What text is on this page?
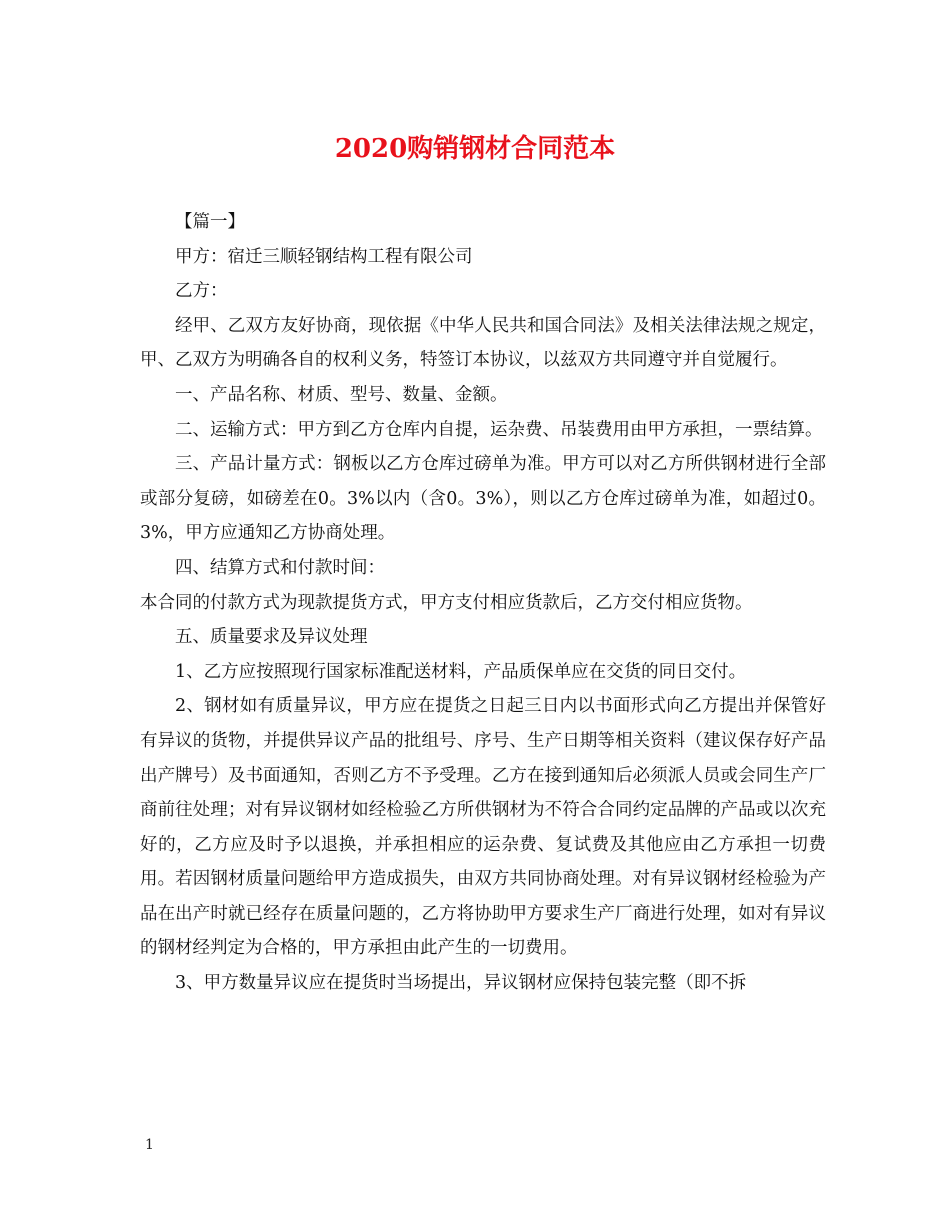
2020购销钢材合同范本

【篇一】

甲方：宿迁三顺轻钢结构工程有限公司

乙方：

经甲、乙双方友好协商，现依据《中华人民共和国合同法》及相关法律法规之规定，甲、乙双方为明确各自的权利义务，特签订本协议，以兹双方共同遵守并自觉履行。

一、产品名称、材质、型号、数量、金额。

二、运输方式：甲方到乙方仓库内自提，运杂费、吊装费用由甲方承担，一票结算。

三、产品计量方式：钢板以乙方仓库过磅单为准。甲方可以对乙方所供钢材进行全部或部分复磅，如磅差在0。3%以内（含0。3%），则以乙方仓库过磅单为准，如超过0。3%，甲方应通知乙方协商处理。

四、结算方式和付款时间：

本合同的付款方式为现款提货方式，甲方支付相应货款后，乙方交付相应货物。

五、质量要求及异议处理

1、乙方应按照现行国家标准配送材料，产品质保单应在交货的同日交付。

2、钢材如有质量异议，甲方应在提货之日起三日内以书面形式向乙方提出并保管好有异议的货物，并提供异议产品的批组号、序号、生产日期等相关资料（建议保存好产品出产牌号）及书面通知，否则乙方不予受理。乙方在接到通知后必须派人员或会同生产厂商前往处理；对有异议钢材如经检验乙方所供钢材为不符合合同约定品牌的产品或以次充好的，乙方应及时予以退换，并承担相应的运杂费、复试费及其他应由乙方承担一切费用。若因钢材质量问题给甲方造成损失，由双方共同协商处理。对有异议钢材经检验为产品在出产时就已经存在质量问题的，乙方将协助甲方要求生产厂商进行处理，如对有异议的钢材经判定为合格的，甲方承担由此产生的一切费用。

3、甲方数量异议应在提货时当场提出，异议钢材应保持包装完整（即不拆

1
